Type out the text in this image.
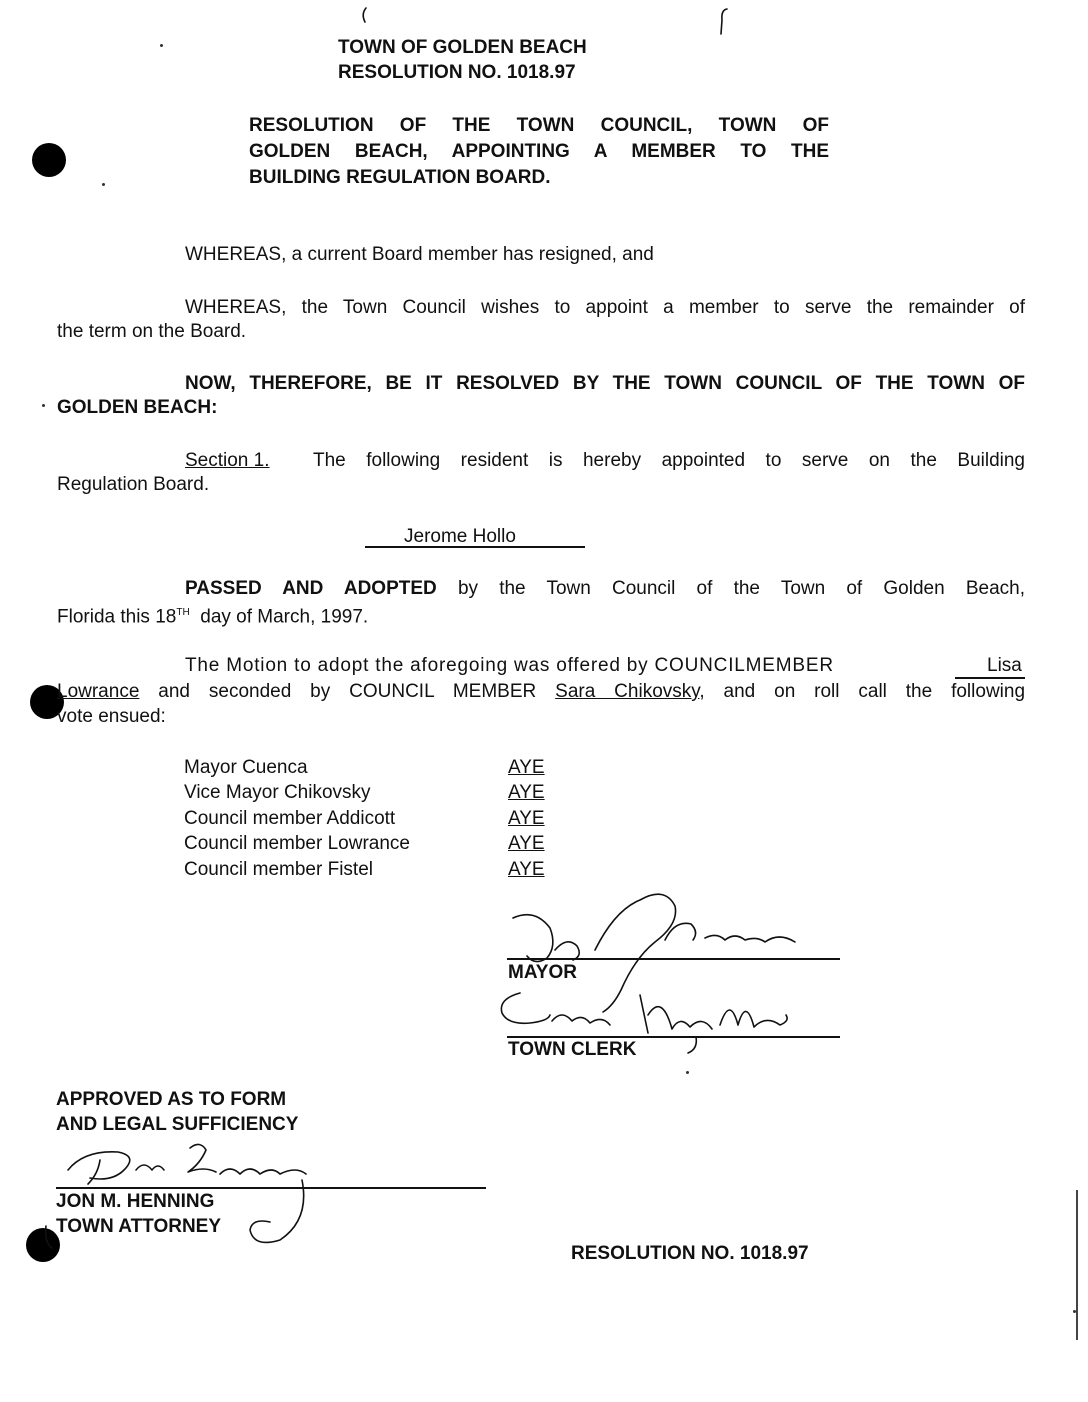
TOWN OF GOLDEN BEACH
RESOLUTION NO. 1018.97
RESOLUTION OF THE TOWN COUNCIL, TOWN OF
GOLDEN BEACH, APPOINTING A MEMBER TO THE
BUILDING REGULATION BOARD.
WHEREAS, a current Board member has resigned, and
WHEREAS, the Town Council wishes to appoint a member to serve the remainder of
the term on the Board.
NOW, THEREFORE, BE IT RESOLVED BY THE TOWN COUNCIL OF THE TOWN OF
GOLDEN BEACH:
Section 1. The following resident is hereby appointed to serve on the Building
Regulation Board.
Jerome Hollo
PASSED AND ADOPTED by the Town Council of the Town of Golden Beach,
Florida this 18TH day of March, 1997.
The Motion to adopt the aforegoing was offered by COUNCILMEMBER	Lisa
Lowrance and seconded by COUNCIL MEMBER Sara Chikovsky, and on roll call the following
vote ensued:
Mayor Cuenca	AYE
Vice Mayor Chikovsky	AYE
Council member Addicott	AYE
Council member Lowrance	AYE
Council member Fistel	AYE
MAYOR
TOWN CLERK
APPROVED AS TO FORM
AND LEGAL SUFFICIENCY
JON M. HENNING
TOWN ATTORNEY
RESOLUTION NO. 1018.97
